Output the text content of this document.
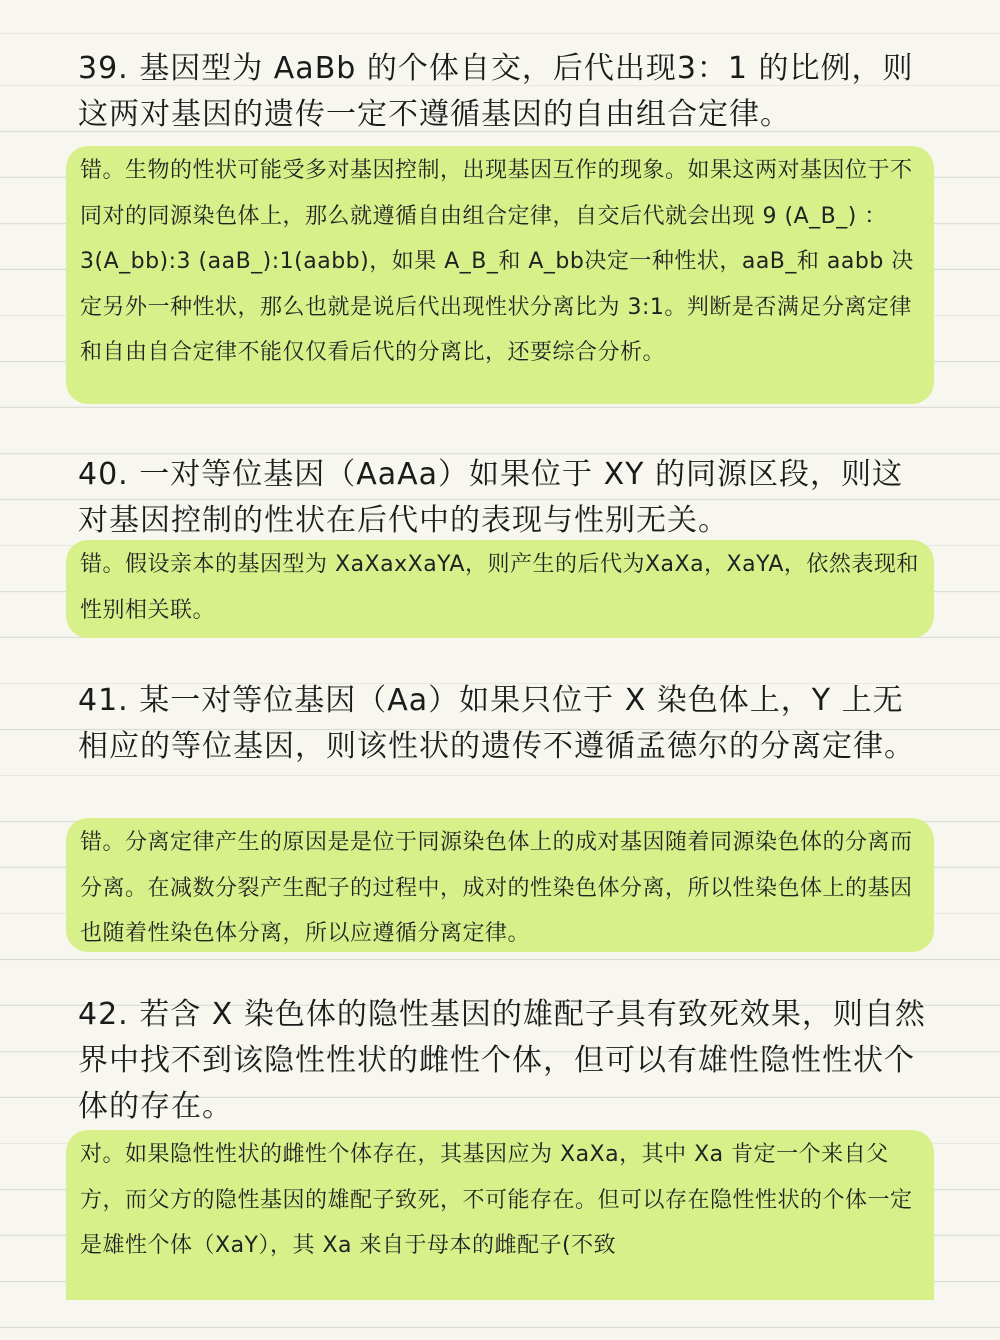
39. 基因型为 AaBb 的个体自交，后代出现3：1 的比例，则这两对基因的遗传一定不遵循基因的自由组合定律。

错。生物的性状可能受多对基因控制，出现基因互作的现象。如果这两对基因位于不同对的同源染色体上，那么就遵循自由组合定律，自交后代就会出现 9 (A_B_) ：3(A_bb):3 (aaB_):1(aabb)，如果 A_B_和 A_bb决定一种性状，aaB_和 aabb 决定另外一种性状，那么也就是说后代出现性状分离比为 3:1。判断是否满足分离定律和自由自合定律不能仅仅看后代的分离比，还要综合分析。

40. 一对等位基因（AaAa）如果位于 XY 的同源区段，则这对基因控制的性状在后代中的表现与性别无关。

错。假设亲本的基因型为 XaXaxXaYA，则产生的后代为XaXa，XaYA，依然表现和性别相关联。

41. 某一对等位基因（Aa）如果只位于 X 染色体上，Y 上无相应的等位基因，则该性状的遗传不遵循孟德尔的分离定律。

错。分离定律产生的原因是是位于同源染色体上的成对基因随着同源染色体的分离而分离。在减数分裂产生配子的过程中，成对的性染色体分离，所以性染色体上的基因也随着性染色体分离，所以应遵循分离定律。

42. 若含 X 染色体的隐性基因的雄配子具有致死效果，则自然界中找不到该隐性性状的雌性个体，但可以有雄性隐性性状个体的存在。

对。如果隐性性状的雌性个体存在，其基因应为 XaXa，其中 Xa 肯定一个来自父方，而父方的隐性基因的雄配子致死，不可能存在。但可以存在隐性性状的个体一定是雄性个体（XaY），其 Xa 来自于母本的雌配子(不致
